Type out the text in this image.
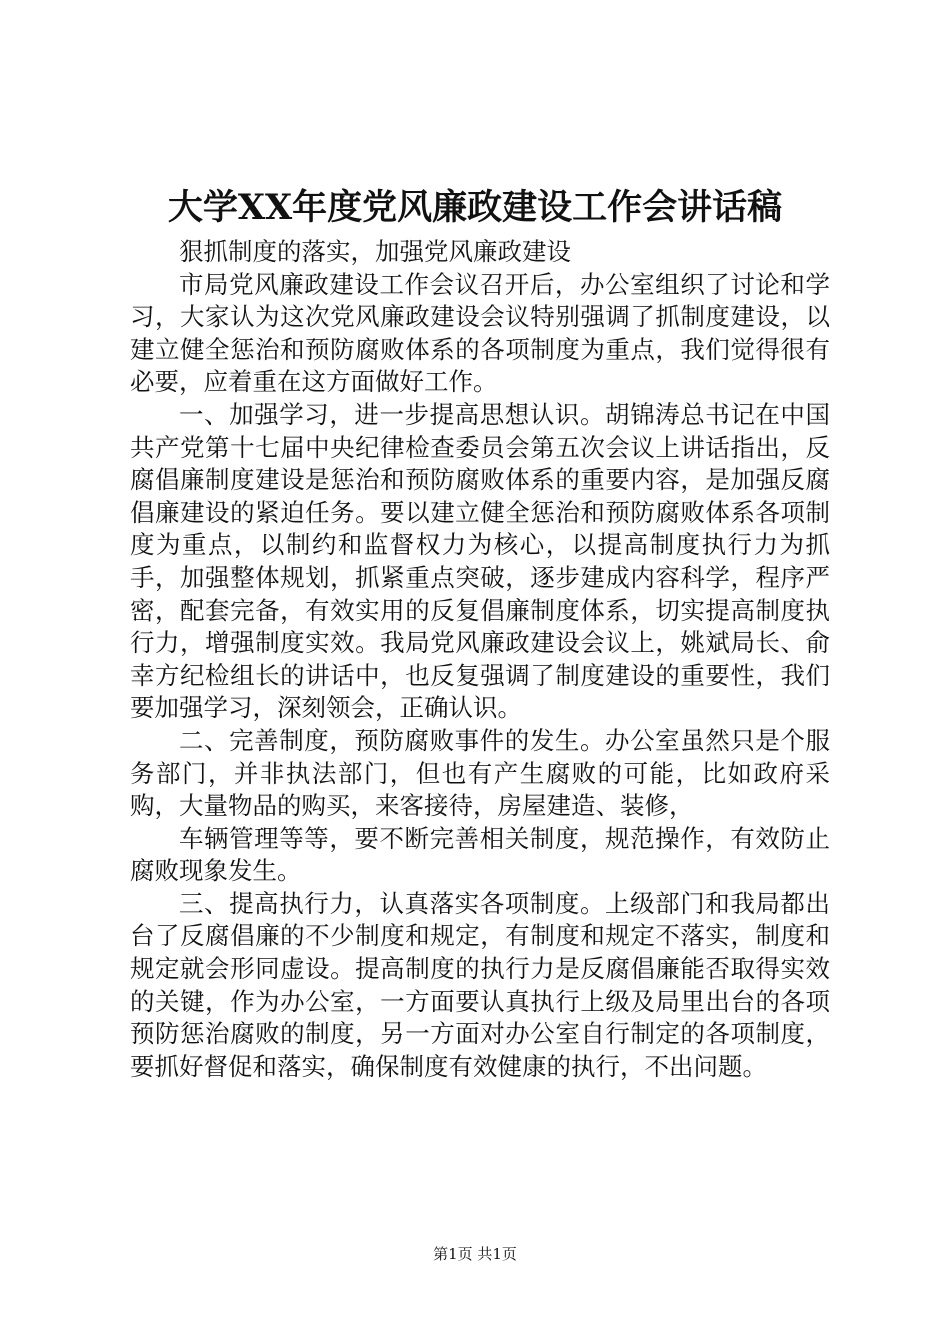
大学XX年度党风廉政建设工作会讲话稿

狠抓制度的落实，加强党风廉政建设

市局党风廉政建设工作会议召开后，办公室组织了讨论和学习，大家认为这次党风廉政建设会议特别强调了抓制度建设，以建立健全惩治和预防腐败体系的各项制度为重点，我们觉得很有必要，应着重在这方面做好工作。

一、加强学习，进一步提高思想认识。胡锦涛总书记在中国共产党第十七届中央纪律检查委员会第五次会议上讲话指出，反腐倡廉制度建设是惩治和预防腐败体系的重要内容，是加强反腐倡廉建设的紧迫任务。要以建立健全惩治和预防腐败体系各项制度为重点，以制约和监督权力为核心，以提高制度执行力为抓手，加强整体规划，抓紧重点突破，逐步建成内容科学，程序严密，配套完备，有效实用的反复倡廉制度体系，切实提高制度执行力，增强制度实效。我局党风廉政建设会议上，姚斌局长、俞幸方纪检组长的讲话中，也反复强调了制度建设的重要性，我们要加强学习，深刻领会，正确认识。

二、完善制度，预防腐败事件的发生。办公室虽然只是个服务部门，并非执法部门，但也有产生腐败的可能，比如政府采购，大量物品的购买，来客接待，房屋建造、装修，

车辆管理等等，要不断完善相关制度，规范操作，有效防止腐败现象发生。

三、提高执行力，认真落实各项制度。上级部门和我局都出台了反腐倡廉的不少制度和规定，有制度和规定不落实，制度和规定就会形同虚设。提高制度的执行力是反腐倡廉能否取得实效的关键，作为办公室，一方面要认真执行上级及局里出台的各项预防惩治腐败的制度，另一方面对办公室自行制定的各项制度，要抓好督促和落实，确保制度有效健康的执行，不出问题。

第1页 共1页
